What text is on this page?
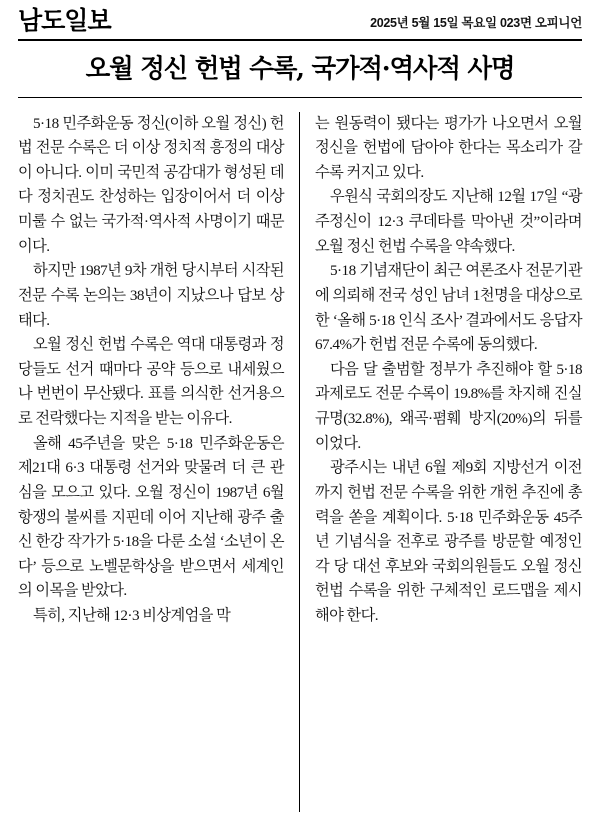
남도일보	2025년 5월 15일 목요일 023면 오피니언
오월 정신 헌법 수록, 국가적·역사적 사명

5·18 민주화운동 정신(이하 오월 정신) 헌법 전문 수록은 더 이상 정치적 흥정의 대상이 아니다. 이미 국민적 공감대가 형성된 데다 정치권도 찬성하는 입장이어서 더 이상 미룰 수 없는 국가적·역사적 사명이기 때문이다.

하지만 1987년 9차 개헌 당시부터 시작된 전문 수록 논의는 38년이 지났으나 답보 상태다.

오월 정신 헌법 수록은 역대 대통령과 정당들도 선거 때마다 공약 등으로 내세웠으나 번번이 무산됐다. 표를 의식한 선거용으로 전락했다는 지적을 받는 이유다.

올해 45주년을 맞은 5·18 민주화운동은 제21대 6·3 대통령 선거와 맞물려 더 큰 관심을 모으고 있다. 오월 정신이 1987년 6월 항쟁의 불씨를 지핀데 이어 지난해 광주 출신 한강 작가가 5·18을 다룬 소설 ‘소년이 온다’ 등으로 노벨문학상을 받으면서 세계인의 이목을 받았다.

특히, 지난해 12·3 비상계엄을 막

는 원동력이 됐다는 평가가 나오면서 오월 정신을 헌법에 담아야 한다는 목소리가 갈수록 커지고 있다.

우원식 국회의장도 지난해 12월 17일 “광주정신이 12·3 쿠데타를 막아낸 것”이라며 오월 정신 헌법 수록을 약속했다.

5·18 기념재단이 최근 여론조사 전문기관에 의뢰해 전국 성인 남녀 1천명을 대상으로 한 ‘올해 5·18 인식 조사’ 결과에서도 응답자 67.4%가 헌법 전문 수록에 동의했다.

다음 달 출범할 정부가 추진해야 할 5·18 과제로도 전문 수록이 19.8%를 차지해 진실 규명(32.8%), 왜곡·폄훼 방지(20%)의 뒤를 이었다.

광주시는 내년 6월 제9회 지방선거 이전까지 헌법 전문 수록을 위한 개헌 추진에 총력을 쏟을 계획이다. 5·18 민주화운동 45주년 기념식을 전후로 광주를 방문할 예정인 각 당 대선 후보와 국회의원들도 오월 정신 헌법 수록을 위한 구체적인 로드맵을 제시해야 한다.
